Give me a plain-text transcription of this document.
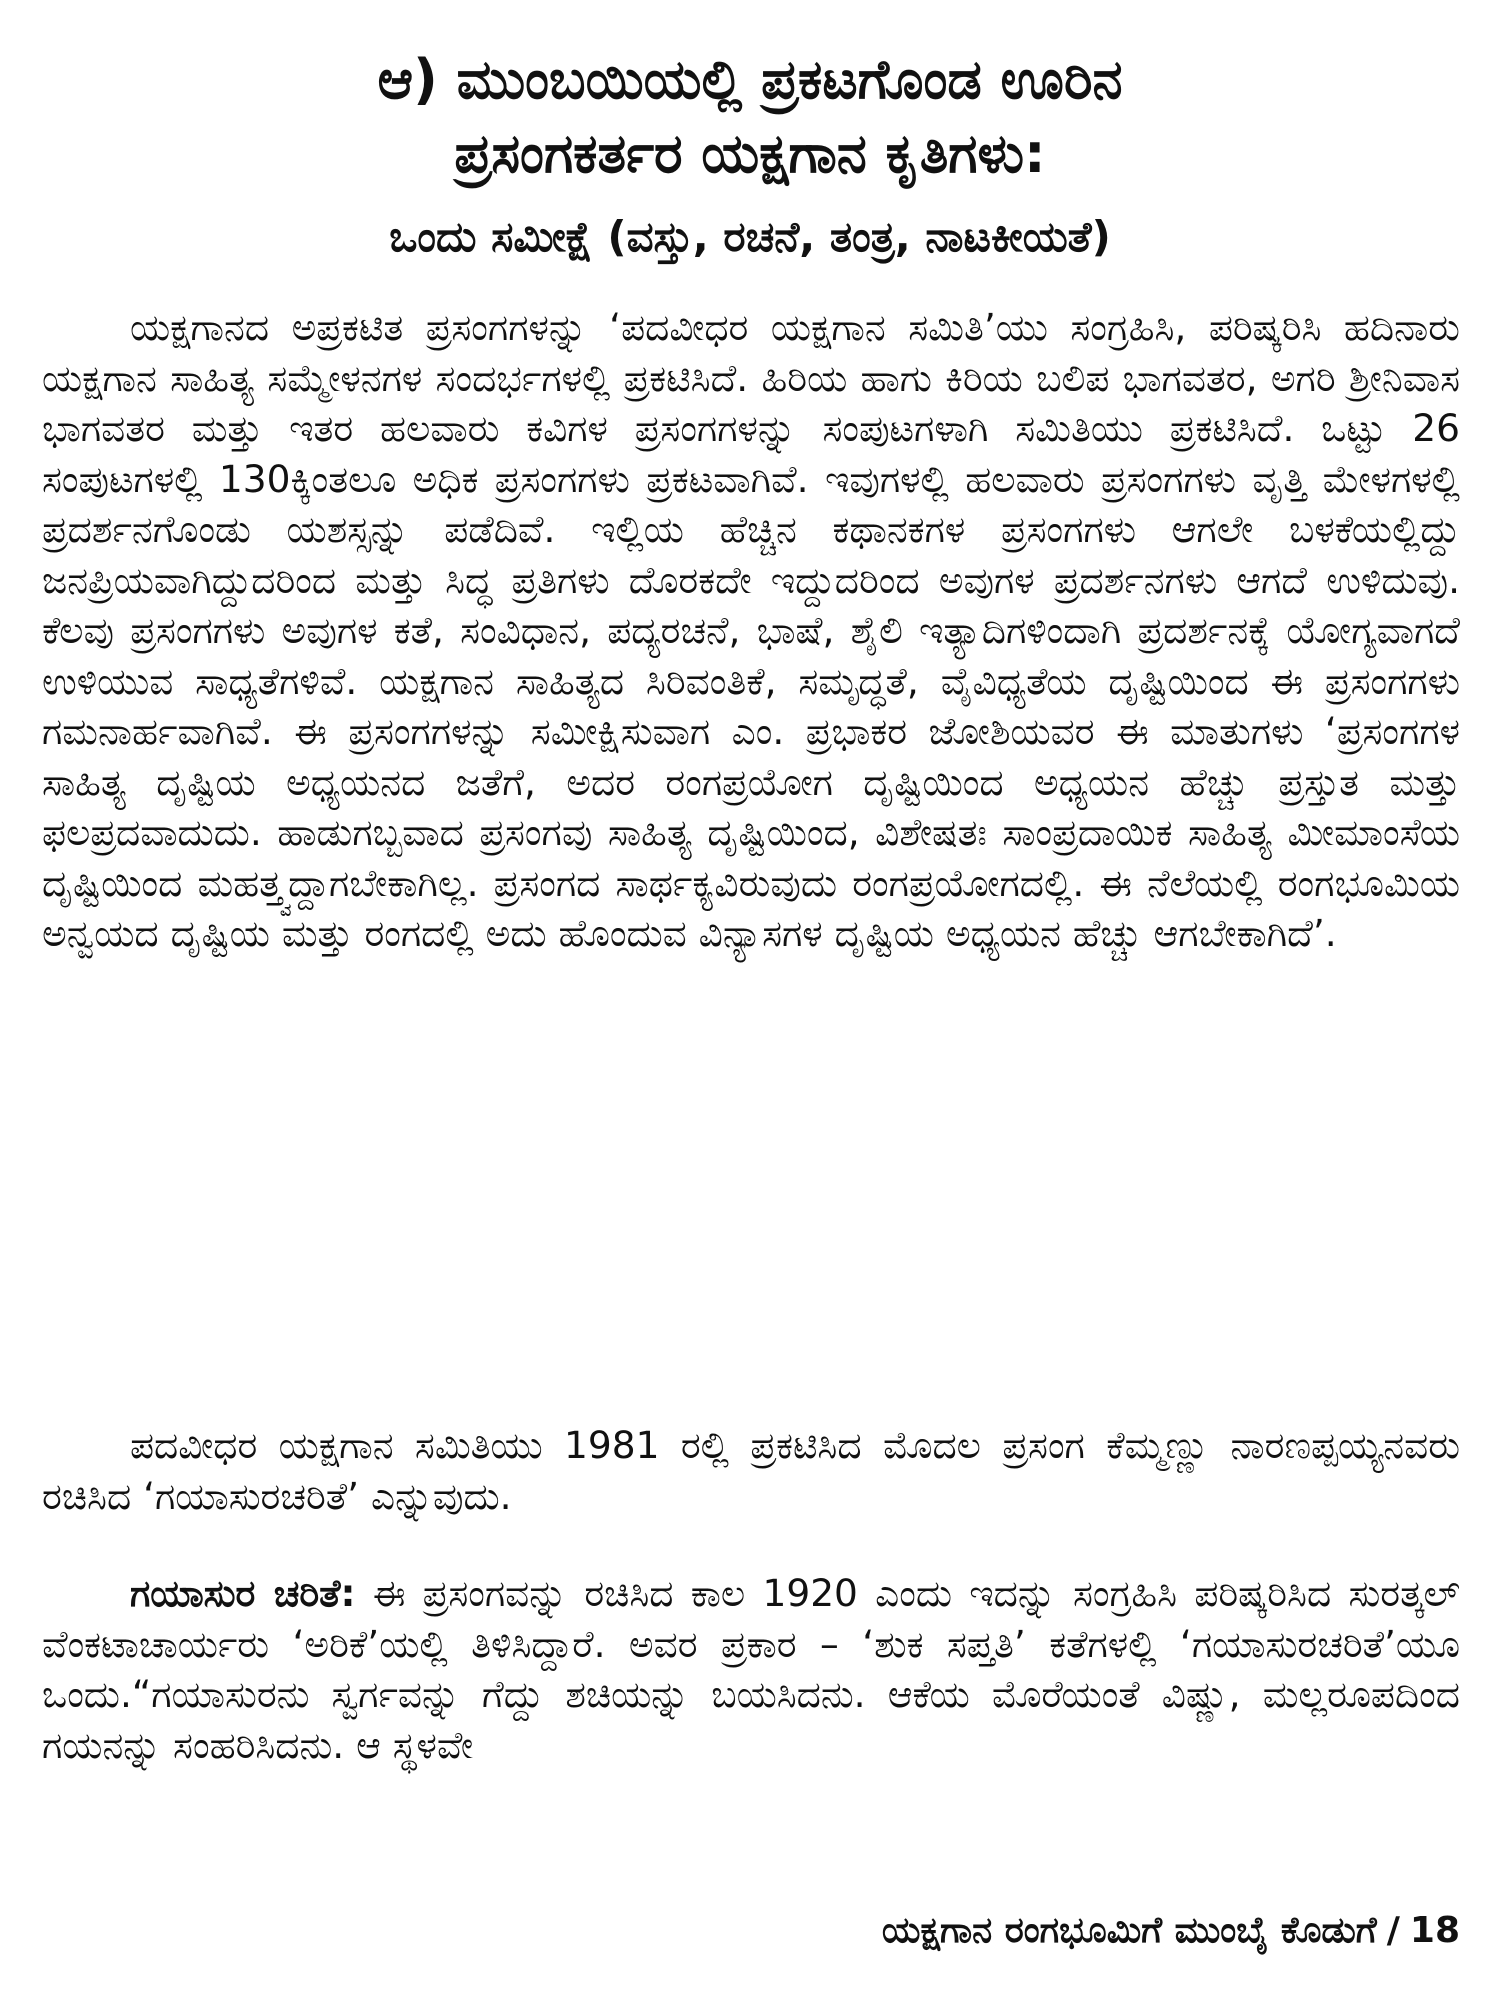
ಆ) ಮುಂಬಯಿಯಲ್ಲಿ ಪ್ರಕಟಗೊಂಡ ಊರಿನ
ಪ್ರಸಂಗಕರ್ತರ ಯಕ್ಷಗಾನ ಕೃತಿಗಳು:
ಒಂದು ಸಮೀಕ್ಷೆ (ವಸ್ತು, ರಚನೆ, ತಂತ್ರ, ನಾಟಕೀಯತೆ)

ಯಕ್ಷಗಾನದ ಅಪ್ರಕಟಿತ ಪ್ರಸಂಗಗಳನ್ನು ‘ಪದವೀಧರ ಯಕ್ಷಗಾನ ಸಮಿತಿ’ಯು ಸಂಗ್ರಹಿಸಿ, ಪರಿಷ್ಕರಿಸಿ ಹದಿನಾರು ಯಕ್ಷಗಾನ ಸಾಹಿತ್ಯ ಸಮ್ಮೇಳನಗಳ ಸಂದರ್ಭಗಳಲ್ಲಿ ಪ್ರಕಟಿಸಿದೆ. ಹಿರಿಯ ಹಾಗು ಕಿರಿಯ ಬಲಿಪ ಭಾಗವತರ, ಅಗರಿ ಶ್ರೀನಿವಾಸ ಭಾಗವತರ ಮತ್ತು ಇತರ ಹಲವಾರು ಕವಿಗಳ ಪ್ರಸಂಗಗಳನ್ನು ಸಂಪುಟಗಳಾಗಿ ಸಮಿತಿಯು ಪ್ರಕಟಿಸಿದೆ. ಒಟ್ಟು 26 ಸಂಪುಟಗಳಲ್ಲಿ 130ಕ್ಕಿಂತಲೂ ಅಧಿಕ ಪ್ರಸಂಗಗಳು ಪ್ರಕಟವಾಗಿವೆ. ಇವುಗಳಲ್ಲಿ ಹಲವಾರು ಪ್ರಸಂಗಗಳು ವೃತ್ತಿ ಮೇಳಗಳಲ್ಲಿ ಪ್ರದರ್ಶನಗೊಂಡು ಯಶಸ್ಸನ್ನು ಪಡೆದಿವೆ. ಇಲ್ಲಿಯ ಹೆಚ್ಚಿನ ಕಥಾನಕಗಳ ಪ್ರಸಂಗಗಳು ಆಗಲೇ ಬಳಕೆಯಲ್ಲಿದ್ದು ಜನಪ್ರಿಯವಾಗಿದ್ದುದರಿಂದ ಮತ್ತು ಸಿದ್ಧ ಪ್ರತಿಗಳು ದೊರಕದೇ ಇದ್ದುದರಿಂದ ಅವುಗಳ ಪ್ರದರ್ಶನಗಳು ಆಗದೆ ಉಳಿದುವು. ಕೆಲವು ಪ್ರಸಂಗಗಳು ಅವುಗಳ ಕತೆ, ಸಂವಿಧಾನ, ಪದ್ಯರಚನೆ, ಭಾಷೆ, ಶೈಲಿ ಇತ್ಯಾದಿಗಳಿಂದಾಗಿ ಪ್ರದರ್ಶನಕ್ಕೆ ಯೋಗ್ಯವಾಗದೆ ಉಳಿಯುವ ಸಾಧ್ಯತೆಗಳಿವೆ. ಯಕ್ಷಗಾನ ಸಾಹಿತ್ಯದ ಸಿರಿವಂತಿಕೆ, ಸಮೃದ್ಧತೆ, ವೈವಿಧ್ಯತೆಯ ದೃಷ್ಟಿಯಿಂದ ಈ ಪ್ರಸಂಗಗಳು ಗಮನಾರ್ಹವಾಗಿವೆ. ಈ ಪ್ರಸಂಗಗಳನ್ನು ಸಮೀಕ್ಷಿಸುವಾಗ ಎಂ. ಪ್ರಭಾಕರ ಜೋಶಿಯವರ ಈ ಮಾತುಗಳು ‘ಪ್ರಸಂಗಗಳ ಸಾಹಿತ್ಯ ದೃಷ್ಟಿಯ ಅಧ್ಯಯನದ ಜತೆಗೆ, ಅದರ ರಂಗಪ್ರಯೋಗ ದೃಷ್ಟಿಯಿಂದ ಅಧ್ಯಯನ ಹೆಚ್ಚು ಪ್ರಸ್ತುತ ಮತ್ತು ಫಲಪ್ರದವಾದುದು. ಹಾಡುಗಬ್ಬವಾದ ಪ್ರಸಂಗವು ಸಾಹಿತ್ಯ ದೃಷ್ಟಿಯಿಂದ, ವಿಶೇಷತಃ ಸಾಂಪ್ರದಾಯಿಕ ಸಾಹಿತ್ಯ ಮೀಮಾಂಸೆಯ ದೃಷ್ಟಿಯಿಂದ ಮಹತ್ತ್ವದ್ದಾಗಬೇಕಾಗಿಲ್ಲ. ಪ್ರಸಂಗದ ಸಾರ್ಥಕ್ಯವಿರುವುದು ರಂಗಪ್ರಯೋಗದಲ್ಲಿ. ಈ ನೆಲೆಯಲ್ಲಿ ರಂಗಭೂಮಿಯ ಅನ್ವಯದ ದೃಷ್ಟಿಯ ಮತ್ತು ರಂಗದಲ್ಲಿ ಅದು ಹೊಂದುವ ವಿನ್ಯಾಸಗಳ ದೃಷ್ಟಿಯ ಅಧ್ಯಯನ ಹೆಚ್ಚು ಆಗಬೇಕಾಗಿದೆ’.

ಪದವೀಧರ ಯಕ್ಷಗಾನ ಸಮಿತಿಯು 1981 ರಲ್ಲಿ ಪ್ರಕಟಿಸಿದ ಮೊದಲ ಪ್ರಸಂಗ ಕೆಮ್ಮಣ್ಣು ನಾರಣಪ್ಪಯ್ಯನವರು ರಚಿಸಿದ ‘ಗಯಾಸುರಚರಿತೆ’ ಎನ್ನುವುದು.

ಗಯಾಸುರ ಚರಿತೆ: ಈ ಪ್ರಸಂಗವನ್ನು ರಚಿಸಿದ ಕಾಲ 1920 ಎಂದು ಇದನ್ನು ಸಂಗ್ರಹಿಸಿ ಪರಿಷ್ಕರಿಸಿದ ಸುರತ್ಕಲ್ ವೆಂಕಟಾಚಾರ್ಯರು ‘ಅರಿಕೆ’ಯಲ್ಲಿ ತಿಳಿಸಿದ್ದಾರೆ. ಅವರ ಪ್ರಕಾರ – ‘ಶುಕ ಸಪ್ತತಿ’ ಕತೆಗಳಲ್ಲಿ ‘ಗಯಾಸುರಚರಿತೆ’ಯೂ ಒಂದು.“ಗಯಾಸುರನು ಸ್ವರ್ಗವನ್ನು ಗೆದ್ದು ಶಚಿಯನ್ನು ಬಯಸಿದನು. ಆಕೆಯ ಮೊರೆಯಂತೆ ವಿಷ್ಣು, ಮಲ್ಲರೂಪದಿಂದ ಗಯನನ್ನು ಸಂಹರಿಸಿದನು. ಆ ಸ್ಥಳವೇ

ಯಕ್ಷಗಾನ ರಂಗಭೂಮಿಗೆ ಮುಂಬೈ ಕೊಡುಗೆ / 18
